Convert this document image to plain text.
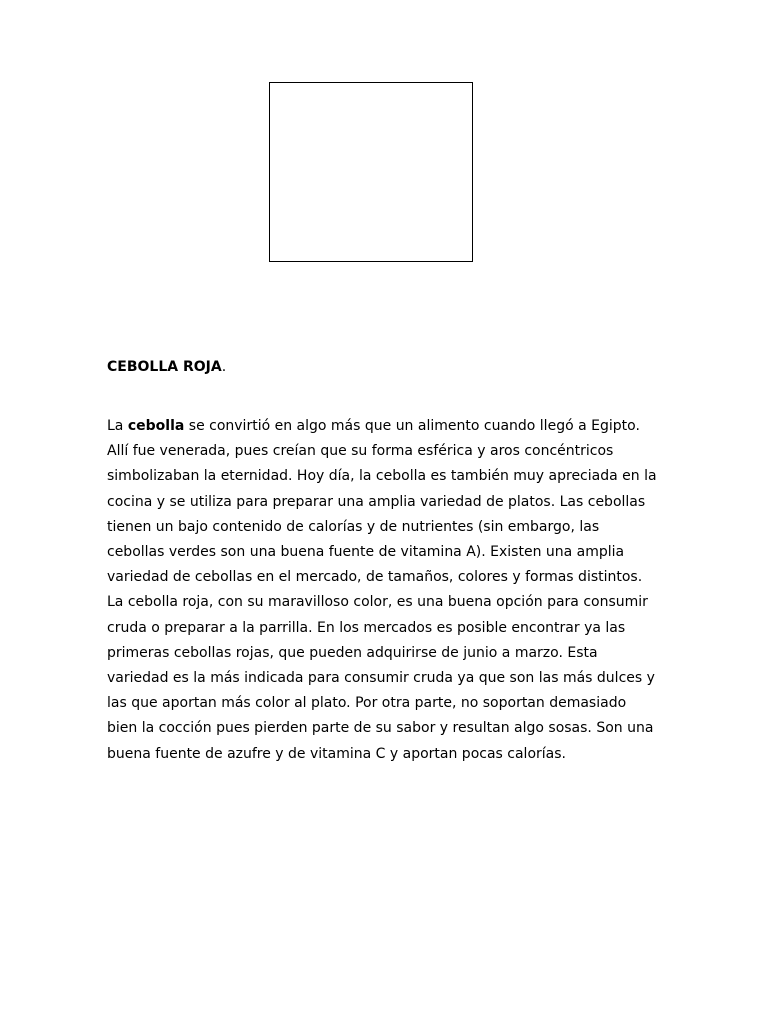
CEBOLLA ROJA.

La cebolla se convirtió en algo más que un alimento cuando llegó a Egipto.
Allí fue venerada, pues creían que su forma esférica y aros concéntricos
simbolizaban la eternidad. Hoy día, la cebolla es también muy apreciada en la
cocina y se utiliza para preparar una amplia variedad de platos. Las cebollas
tienen un bajo contenido de calorías y de nutrientes (sin embargo, las
cebollas verdes son una buena fuente de vitamina A). Existen una amplia
variedad de cebollas en el mercado, de tamaños, colores y formas distintos.
La cebolla roja, con su maravilloso color, es una buena opción para consumir
cruda o preparar a la parrilla. En los mercados es posible encontrar ya las
primeras cebollas rojas, que pueden adquirirse de junio a marzo. Esta
variedad es la más indicada para consumir cruda ya que son las más dulces y
las que aportan más color al plato. Por otra parte, no soportan demasiado
bien la cocción pues pierden parte de su sabor y resultan algo sosas. Son una
buena fuente de azufre y de vitamina C y aportan pocas calorías.
